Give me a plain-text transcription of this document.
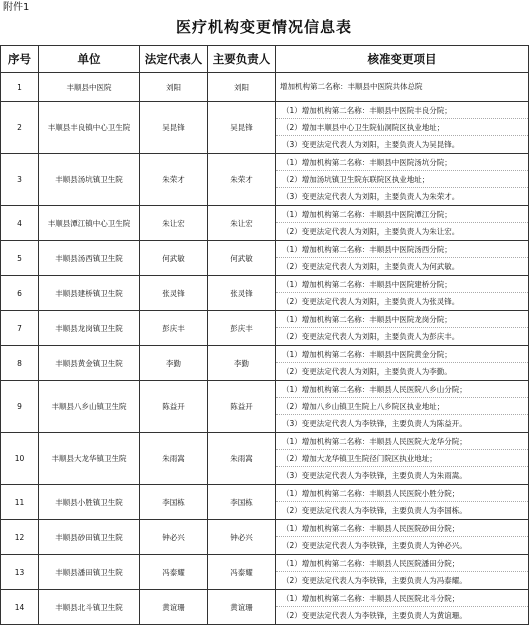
附件1
医疗机构变更情况信息表
序号	单位	法定代表人	主要负责人	核准变更项目
1	丰顺县中医院	刘阳	刘阳	增加机构第二名称：丰顺县中医院共体总院

2	丰顺县丰良镇中心卫生院	吴昆锋	吴昆锋	（1）增加机构第二名称：丰顺县中医院丰良分院；
（2）增加丰顺县中心卫生院仙洞院区执业地址；
（3）变更法定代表人为刘阳，主要负责人为吴昆锋。

3	丰顺县汤坑镇卫生院	朱荣才	朱荣才	（1）增加机构第二名称：丰顺县中医院汤坑分院；
（2）增加汤坑镇卫生院东联院区执业地址；
（3）变更法定代表人为刘阳，主要负责人为朱荣才。

4	丰顺县潭江镇中心卫生院	朱让宏	朱让宏	（1）增加机构第二名称：丰顺县中医院潭江分院；
（2）变更法定代表人为刘阳，主要负责人为朱让宏。

5	丰顺县汤西镇卫生院	何武敏	何武敏	（1）增加机构第二名称：丰顺县中医院汤西分院；
（2）变更法定代表人为刘阳，主要负责人为何武敏。

6	丰顺县建桥镇卫生院	张灵锋	张灵锋	（1）增加机构第二名称：丰顺县中医院建桥分院；
（2）变更法定代表人为刘阳，主要负责人为张灵锋。

7	丰顺县龙岗镇卫生院	彭庆丰	彭庆丰	（1）增加机构第二名称：丰顺县中医院龙岗分院；
（2）变更法定代表人为刘阳，主要负责人为彭庆丰。

8	丰顺县黄金镇卫生院	李勤	李勤	（1）增加机构第二名称：丰顺县中医院黄金分院；
（2）变更法定代表人为刘阳，主要负责人为李勤。

9	丰顺县八乡山镇卫生院	陈益开	陈益开	（1）增加机构第二名称：丰顺县人民医院八乡山分院；
（2）增加八乡山镇卫生院上八乡院区执业地址；
（3）变更法定代表人为李铁锋，主要负责人为陈益开。

10	丰顺县大龙华镇卫生院	朱雨嵩	朱雨嵩	（1）增加机构第二名称：丰顺县人民医院大龙华分院；
（2）增加大龙华镇卫生院径门院区执业地址；
（3）变更法定代表人为李铁锋，主要负责人为朱雨嵩。

11	丰顺县小胜镇卫生院	李国栋	李国栋	（1）增加机构第二名称：丰顺县人民医院小胜分院；
（2）变更法定代表人为李铁锋，主要负责人为李国栋。

12	丰顺县砂田镇卫生院	钟必兴	钟必兴	（1）增加机构第二名称：丰顺县人民医院砂田分院；
（2）变更法定代表人为李铁锋，主要负责人为钟必兴。

13	丰顺县潘田镇卫生院	冯泰耀	冯泰耀	（1）增加机构第二名称：丰顺县人民医院潘田分院；
（2）变更法定代表人为李铁锋，主要负责人为冯泰耀。

14	丰顺县北斗镇卫生院	黄谊珊	黄谊珊	（1）增加机构第二名称：丰顺县人民医院北斗分院；
（2）变更法定代表人为李铁锋，主要负责人为黄谊珊。
